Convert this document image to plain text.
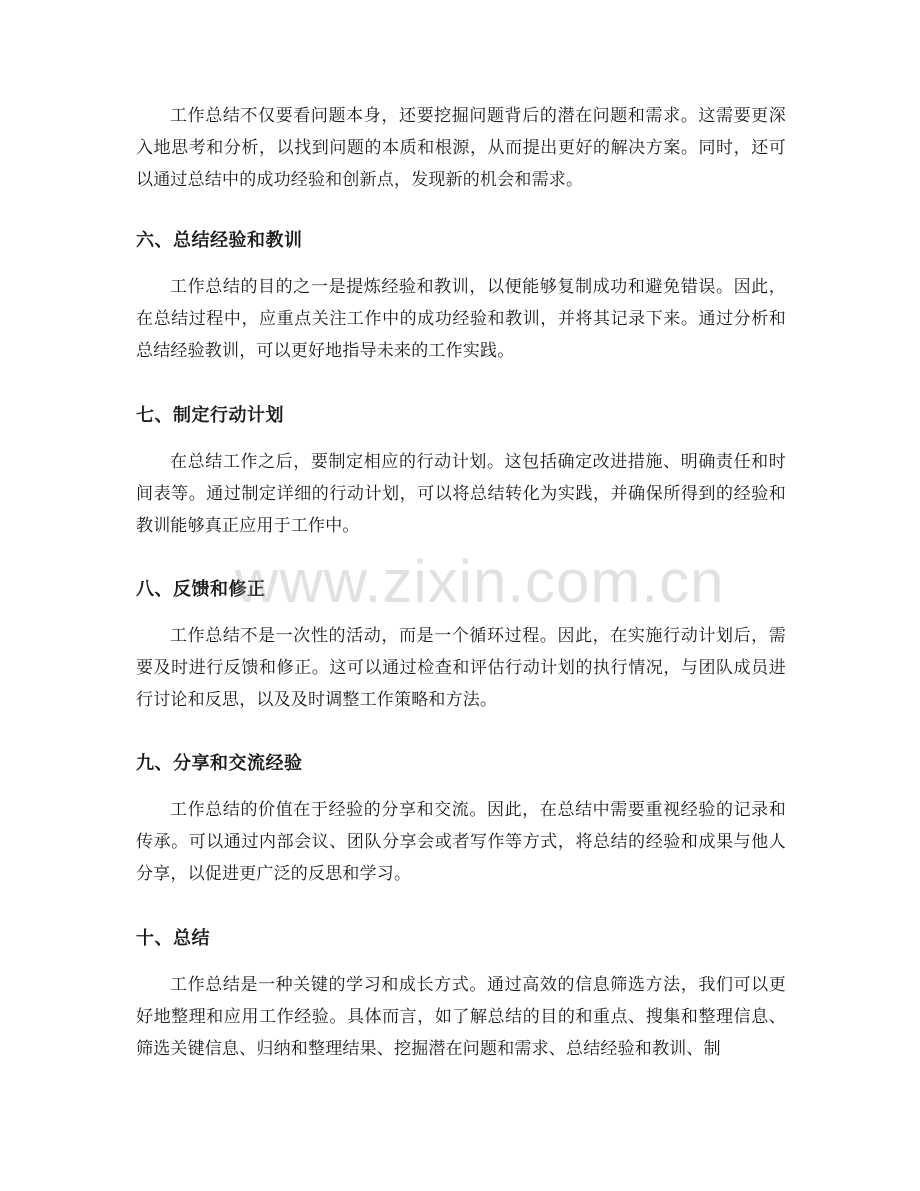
工作总结不仅要看问题本身，还要挖掘问题背后的潜在问题和需求。这需要更深入地思考和分析，以找到问题的本质和根源，从而提出更好的解决方案。同时，还可以通过总结中的成功经验和创新点，发现新的机会和需求。

六、总结经验和教训

工作总结的目的之一是提炼经验和教训，以便能够复制成功和避免错误。因此，在总结过程中，应重点关注工作中的成功经验和教训，并将其记录下来。通过分析和总结经验教训，可以更好地指导未来的工作实践。

七、制定行动计划

在总结工作之后，要制定相应的行动计划。这包括确定改进措施、明确责任和时间表等。通过制定详细的行动计划，可以将总结转化为实践，并确保所得到的经验和教训能够真正应用于工作中。

八、反馈和修正

工作总结不是一次性的活动，而是一个循环过程。因此，在实施行动计划后，需要及时进行反馈和修正。这可以通过检查和评估行动计划的执行情况，与团队成员进行讨论和反思，以及及时调整工作策略和方法。

九、分享和交流经验

工作总结的价值在于经验的分享和交流。因此，在总结中需要重视经验的记录和传承。可以通过内部会议、团队分享会或者写作等方式，将总结的经验和成果与他人分享，以促进更广泛的反思和学习。

十、总结

工作总结是一种关键的学习和成长方式。通过高效的信息筛选方法，我们可以更好地整理和应用工作经验。具体而言，如了解总结的目的和重点、搜集和整理信息、筛选关键信息、归纳和整理结果、挖掘潜在问题和需求、总结经验和教训、制

www.zixin.com.cn
